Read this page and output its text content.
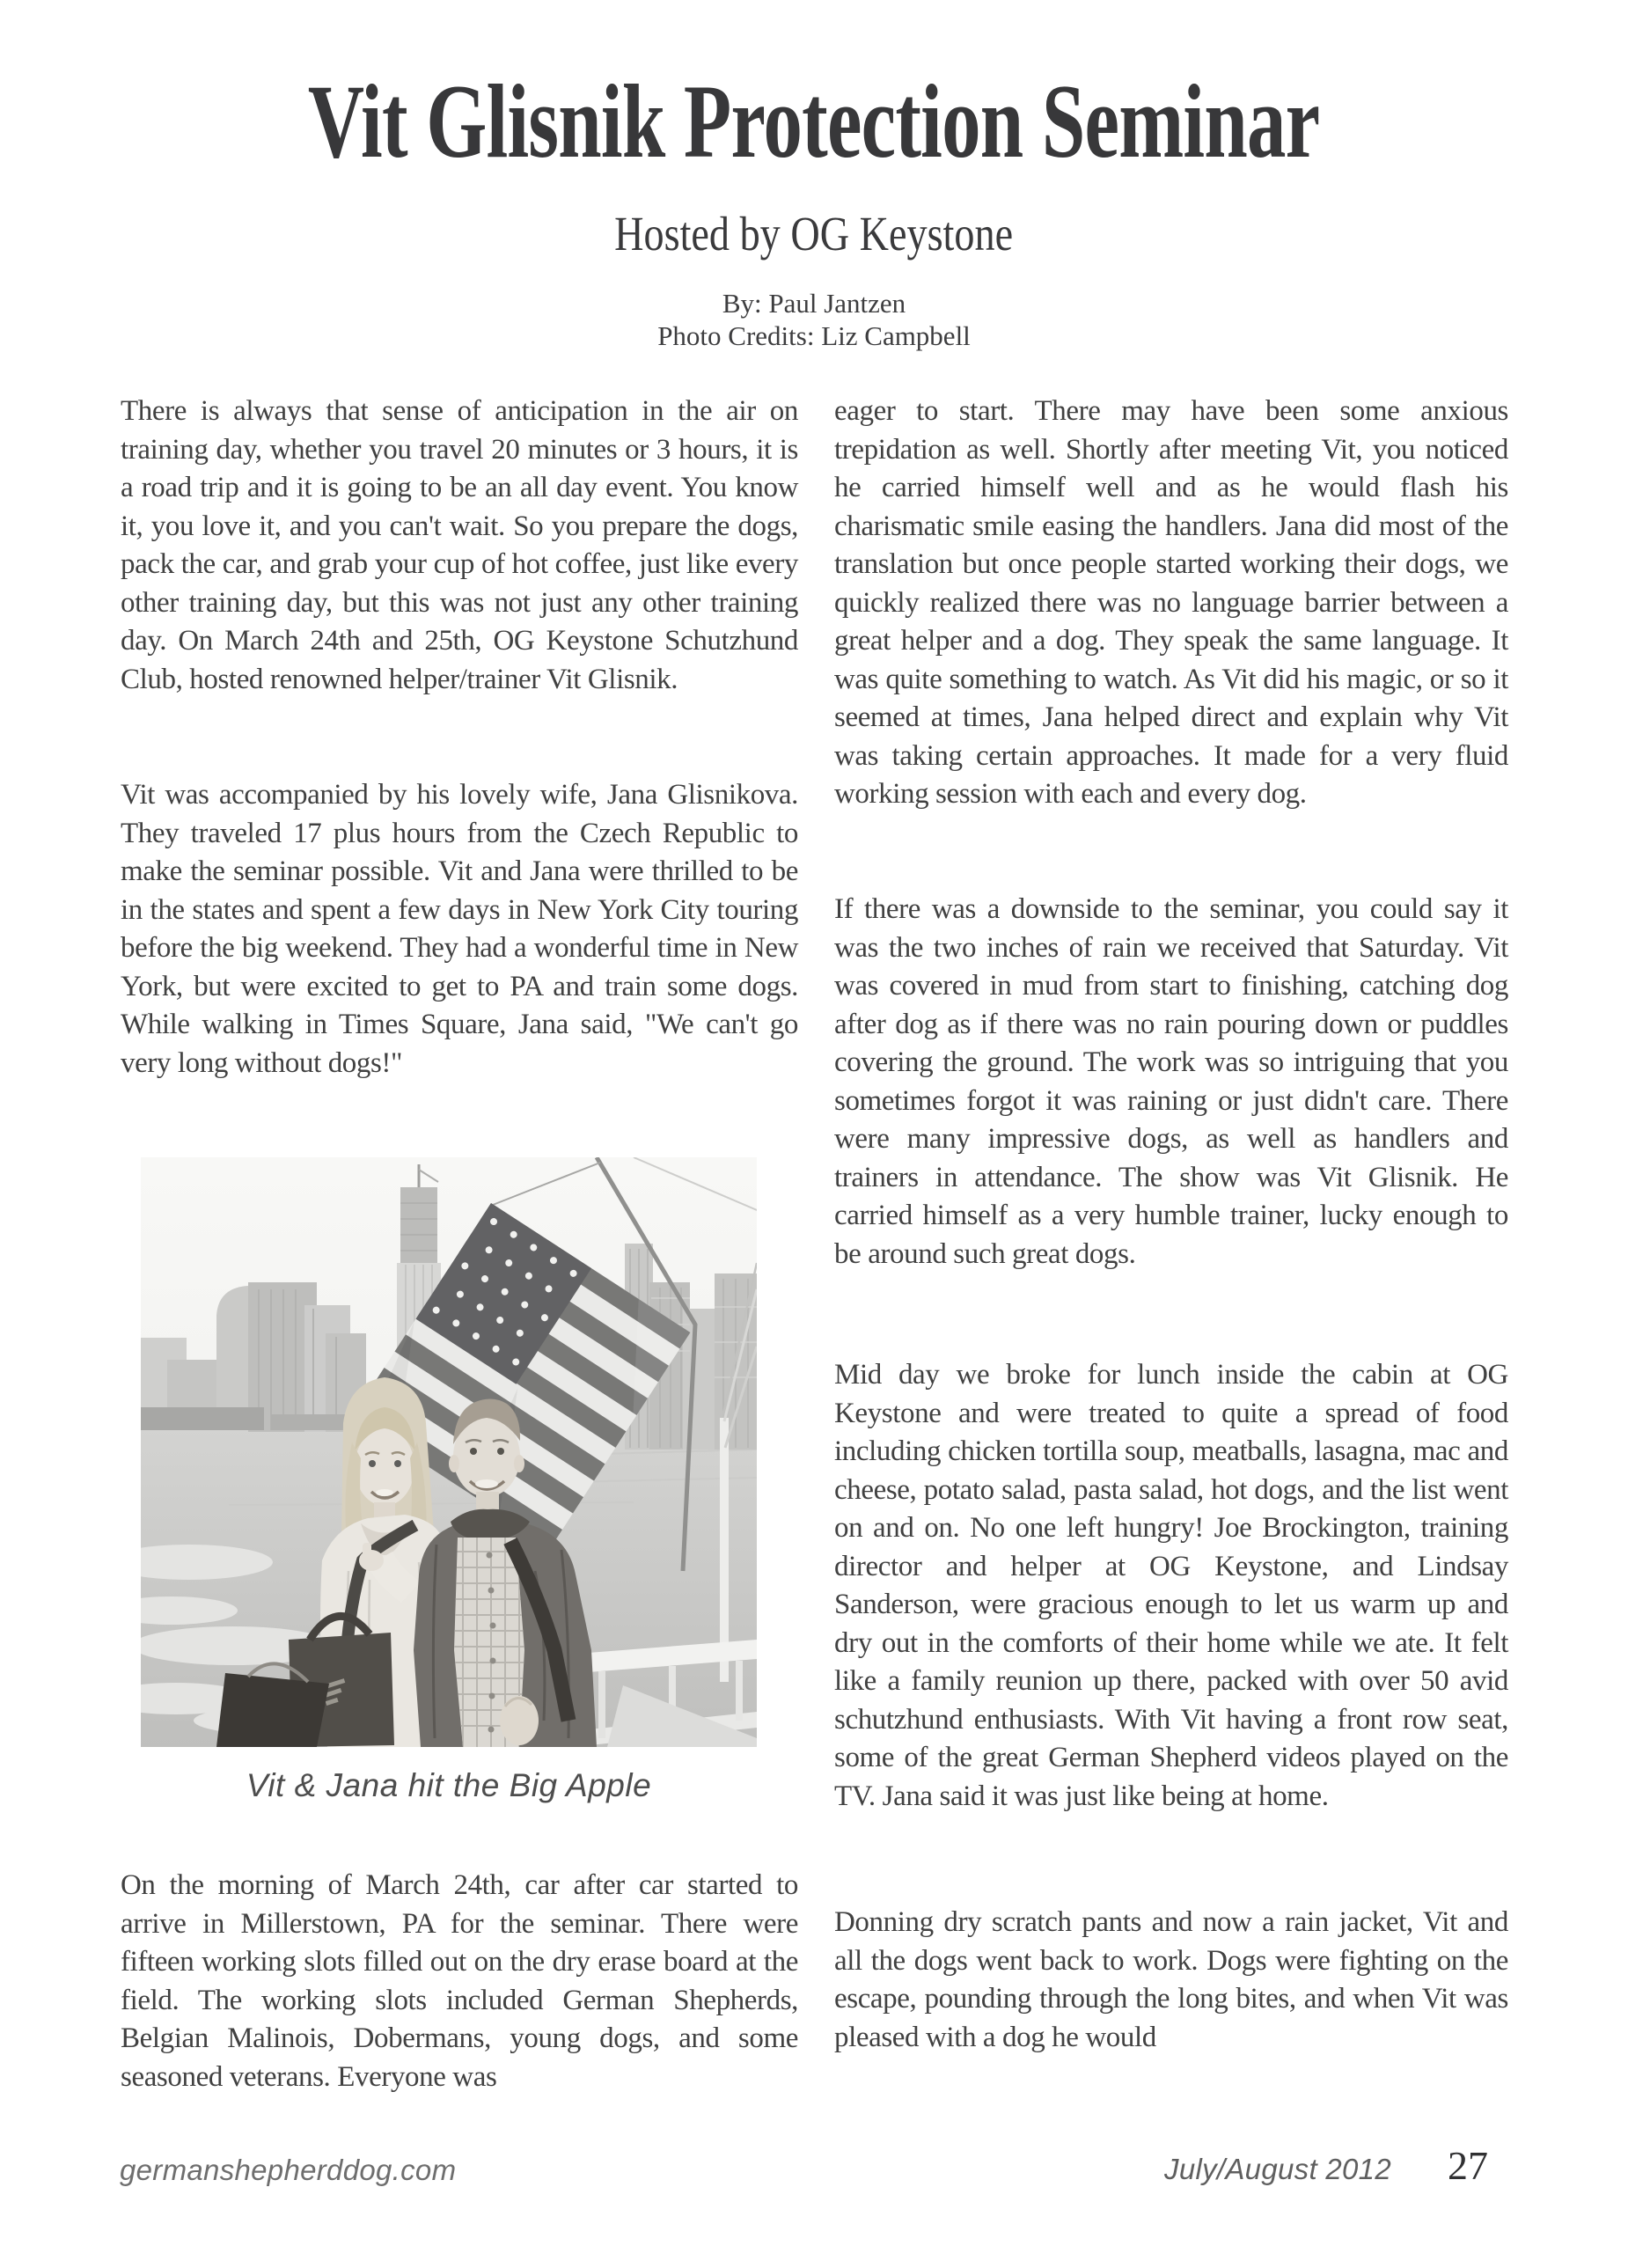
Vit Glisnik Protection Seminar
Hosted by OG Keystone
By: Paul Jantzen
Photo Credits: Liz Campbell

There is always that sense of anticipation in the air on training day, whether you travel 20 minutes or 3 hours, it is a road trip and it is going to be an all day event. You know it, you love it, and you can't wait. So you prepare the dogs, pack the car, and grab your cup of hot coffee, just like every other training day, but this was not just any other training day. On March 24th and 25th, OG Keystone Schutzhund Club, hosted renowned helper/trainer Vit Glisnik.

Vit was accompanied by his lovely wife, Jana Glisnikova. They traveled 17 plus hours from the Czech Republic to make the seminar possible. Vit and Jana were thrilled to be in the states and spent a few days in New York City touring before the big weekend. They had a wonderful time in New York, but were excited to get to PA and train some dogs. While walking in Times Square, Jana said, "We can't go very long without dogs!"

Vit & Jana hit the Big Apple

On the morning of March 24th, car after car started to arrive in Millerstown, PA for the seminar. There were fifteen working slots filled out on the dry erase board at the field. The working slots included German Shepherds, Belgian Malinois, Dobermans, young dogs, and some seasoned veterans. Everyone was

eager to start. There may have been some anxious trepidation as well. Shortly after meeting Vit, you noticed he carried himself well and as he would flash his charismatic smile easing the handlers. Jana did most of the translation but once people started working their dogs, we quickly realized there was no language barrier between a great helper and a dog. They speak the same language. It was quite something to watch. As Vit did his magic, or so it seemed at times, Jana helped direct and explain why Vit was taking certain approaches. It made for a very fluid working session with each and every dog.

If there was a downside to the seminar, you could say it was the two inches of rain we received that Saturday. Vit was covered in mud from start to finishing, catching dog after dog as if there was no rain pouring down or puddles covering the ground. The work was so intriguing that you sometimes forgot it was raining or just didn't care. There were many impressive dogs, as well as handlers and trainers in attendance. The show was Vit Glisnik. He carried himself as a very humble trainer, lucky enough to be around such great dogs.

Mid day we broke for lunch inside the cabin at OG Keystone and were treated to quite a spread of food including chicken tortilla soup, meatballs, lasagna, mac and cheese, potato salad, pasta salad, hot dogs, and the list went on and on. No one left hungry! Joe Brockington, training director and helper at OG Keystone, and Lindsay Sanderson, were gracious enough to let us warm up and dry out in the comforts of their home while we ate. It felt like a family reunion up there, packed with over 50 avid schutzhund enthusiasts. With Vit having a front row seat, some of the great German Shepherd videos played on the TV. Jana said it was just like being at home.

Donning dry scratch pants and now a rain jacket, Vit and all the dogs went back to work. Dogs were fighting on the escape, pounding through the long bites, and when Vit was pleased with a dog he would

germanshepherddog.com	July/August 2012 27
